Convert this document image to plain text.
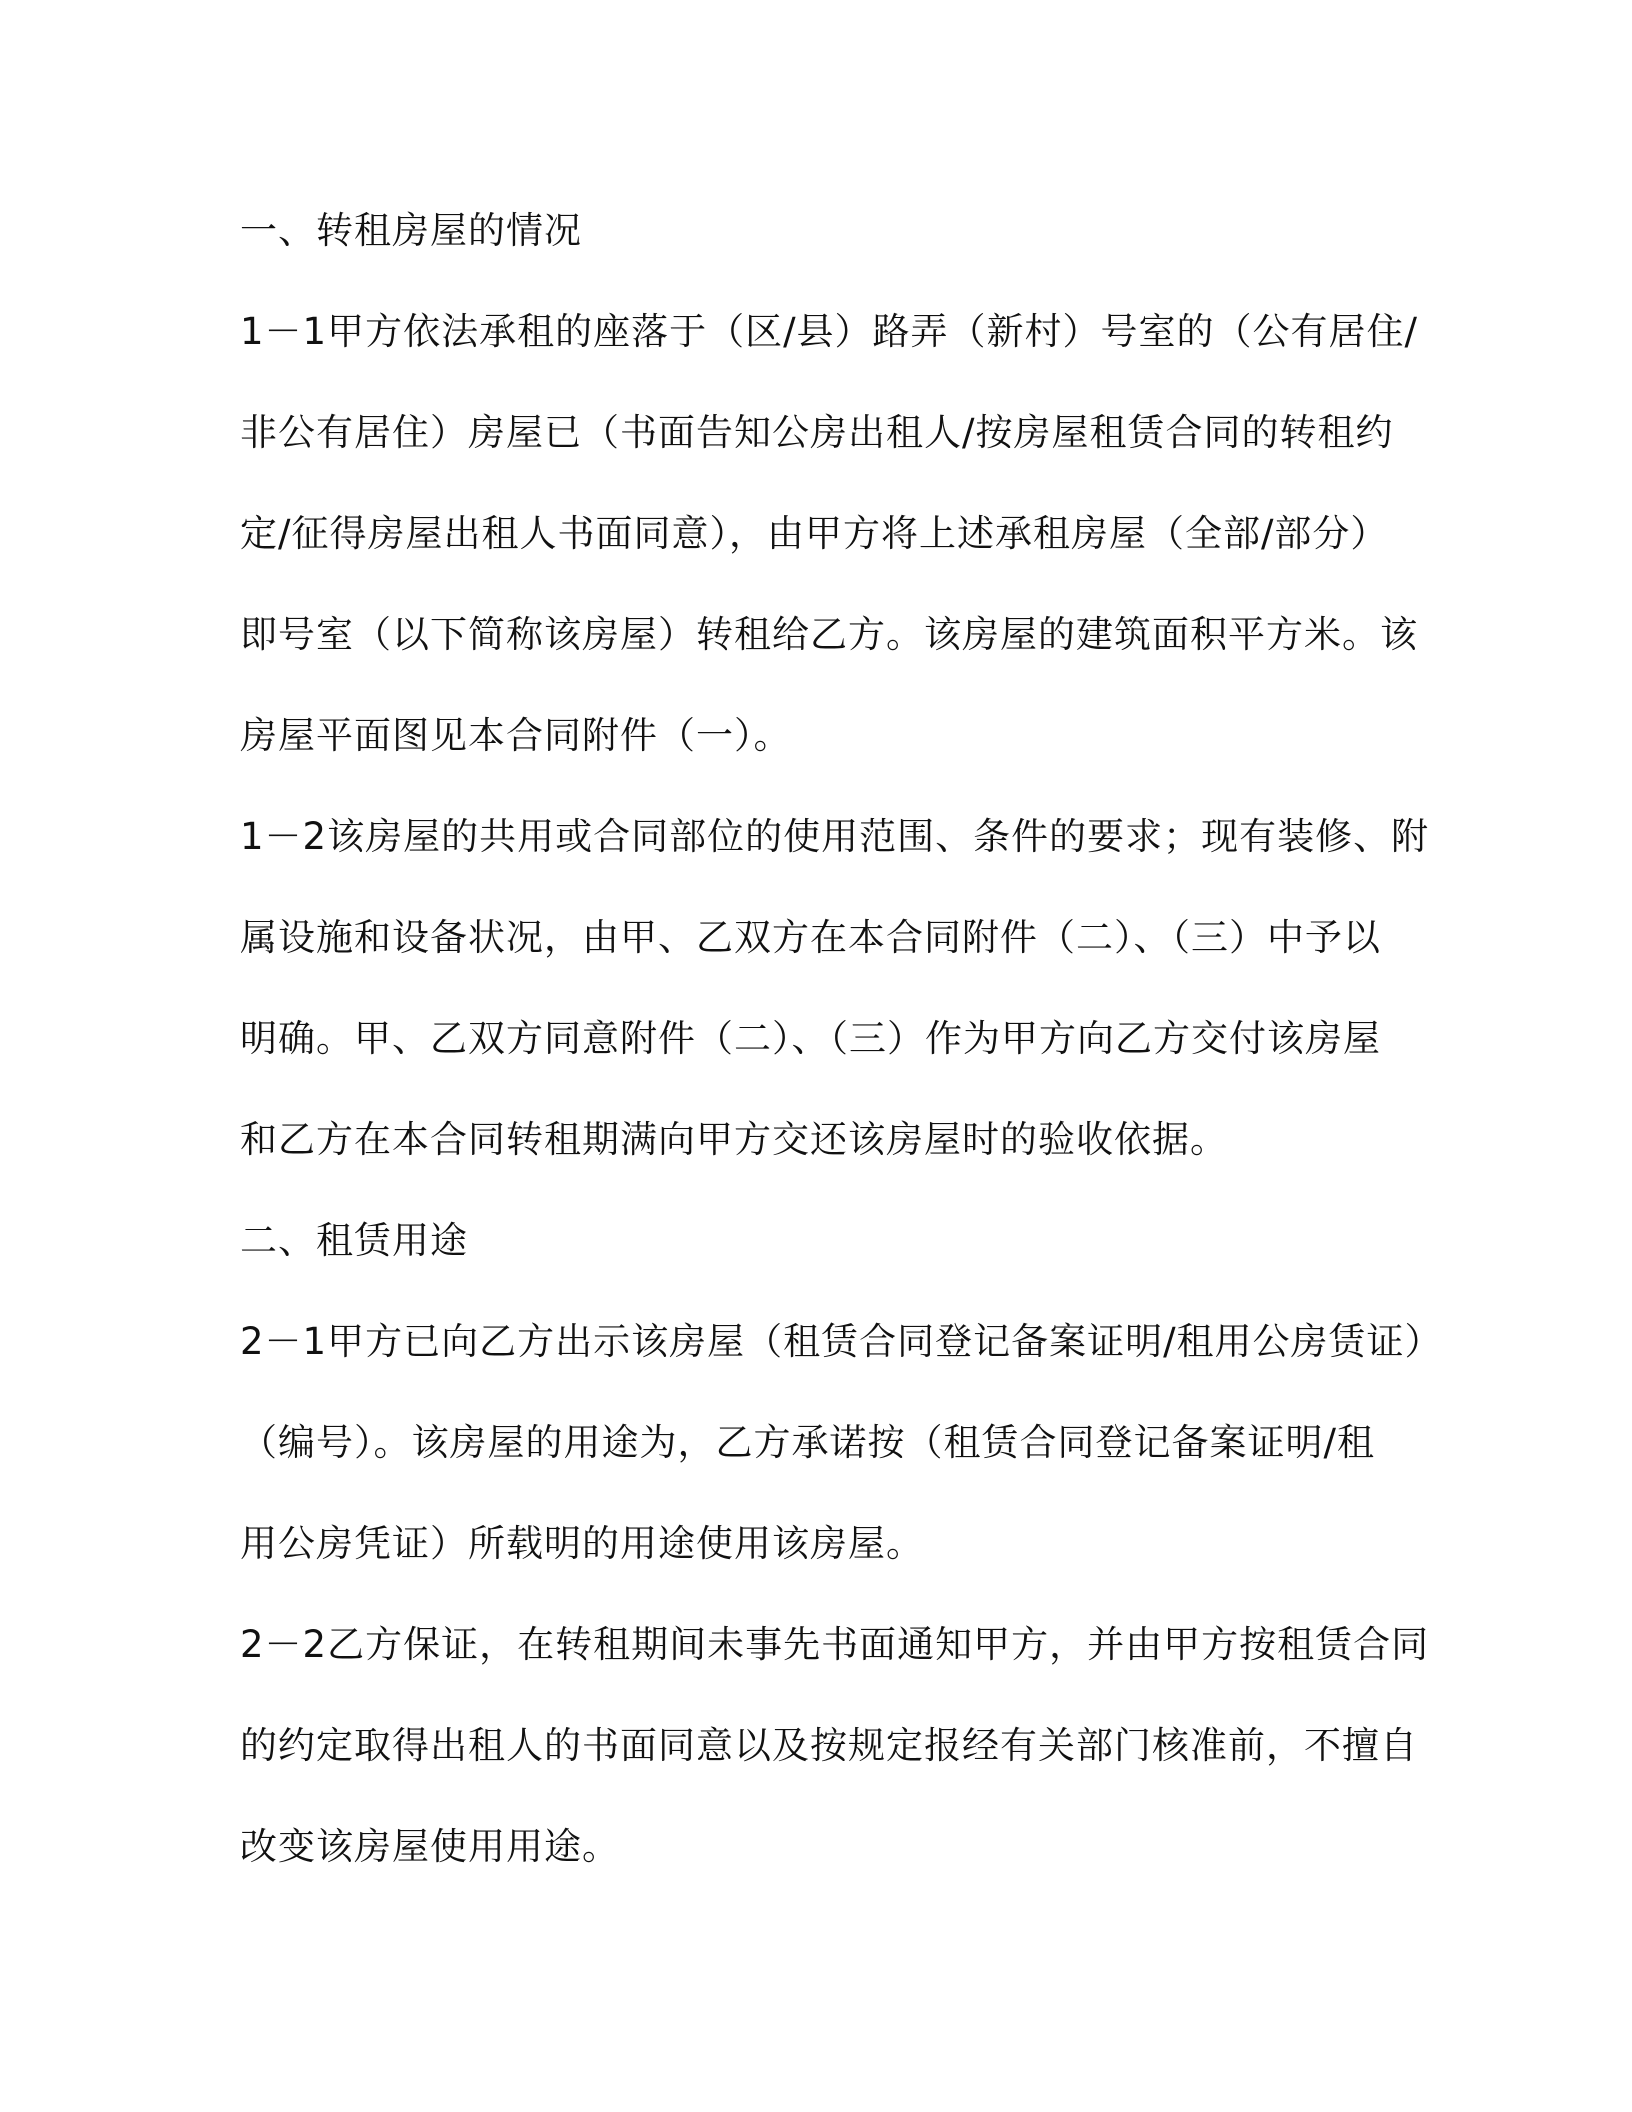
一、转租房屋的情况
1－1甲方依法承租的座落于（区/县）路弄（新村）号室的（公有居住/
非公有居住）房屋已（书面告知公房出租人/按房屋租赁合同的转租约
定/征得房屋出租人书面同意），由甲方将上述承租房屋（全部/部分）
即号室（以下简称该房屋）转租给乙方。该房屋的建筑面积平方米。该
房屋平面图见本合同附件（一）。
1－2该房屋的共用或合同部位的使用范围、条件的要求；现有装修、附
属设施和设备状况，由甲、乙双方在本合同附件（二）、（三）中予以
明确。甲、乙双方同意附件（二）、（三）作为甲方向乙方交付该房屋
和乙方在本合同转租期满向甲方交还该房屋时的验收依据。
二、租赁用途
2－1甲方已向乙方出示该房屋（租赁合同登记备案证明/租用公房赁证）
（编号）。该房屋的用途为，乙方承诺按（租赁合同登记备案证明/租
用公房凭证）所载明的用途使用该房屋。
2－2乙方保证，在转租期间未事先书面通知甲方，并由甲方按租赁合同
的约定取得出租人的书面同意以及按规定报经有关部门核准前，不擅自
改变该房屋使用用途。
